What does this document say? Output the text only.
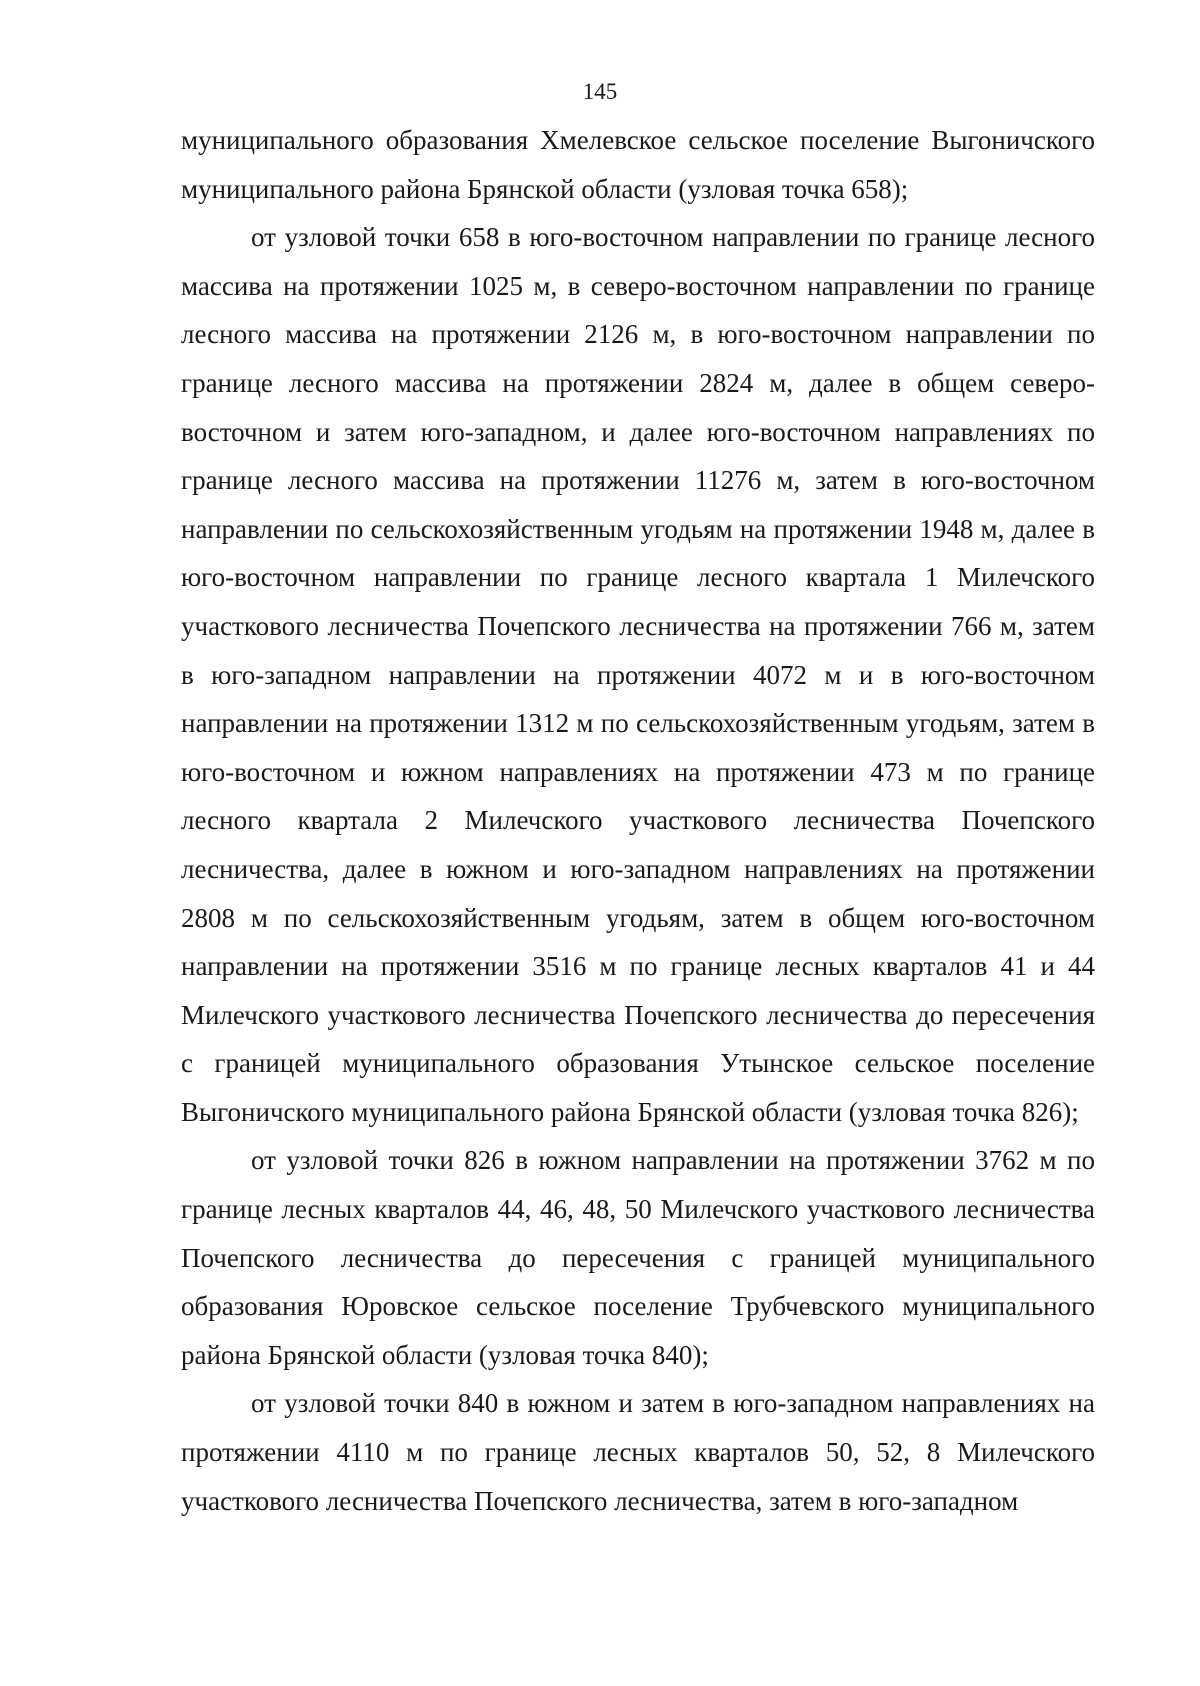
145

муниципального образования Хмелевское сельское поселение Выгоничского муниципального района Брянской области (узловая точка 658);

от узловой точки 658 в юго-восточном направлении по границе лесного массива на протяжении 1025 м, в северо-восточном направлении по границе лесного массива на протяжении 2126 м, в юго-восточном направлении по границе лесного массива на протяжении 2824 м, далее в общем северо-восточном и затем юго-западном, и далее юго-восточном направлениях по границе лесного массива на протяжении 11276 м, затем в юго-восточном направлении по сельскохозяйственным угодьям на протяжении 1948 м, далее в юго-восточном направлении по границе лесного квартала 1 Милечского участкового лесничества Почепского лесничества на протяжении 766 м, затем в юго-западном направлении на протяжении 4072 м и в юго-восточном направлении на протяжении 1312 м по сельскохозяйственным угодьям, затем в юго-восточном и южном направлениях на протяжении 473 м по границе лесного квартала 2 Милечского участкового лесничества Почепского лесничества, далее в южном и юго-западном направлениях на протяжении 2808 м по сельскохозяйственным угодьям, затем в общем юго-восточном направлении на протяжении 3516 м по границе лесных кварталов 41 и 44 Милечского участкового лесничества Почепского лесничества до пересечения с границей муниципального образования Утынское сельское поселение Выгоничского муниципального района Брянской области (узловая точка 826);

от узловой точки 826 в южном направлении на протяжении 3762 м по границе лесных кварталов 44, 46, 48, 50 Милечского участкового лесничества Почепского лесничества до пересечения с границей муниципального образования Юровское сельское поселение Трубчевского муниципального района Брянской области (узловая точка 840);

от узловой точки 840 в южном и затем в юго-западном направлениях на протяжении 4110 м по границе лесных кварталов 50, 52, 8 Милечского участкового лесничества Почепского лесничества, затем в юго-западном
